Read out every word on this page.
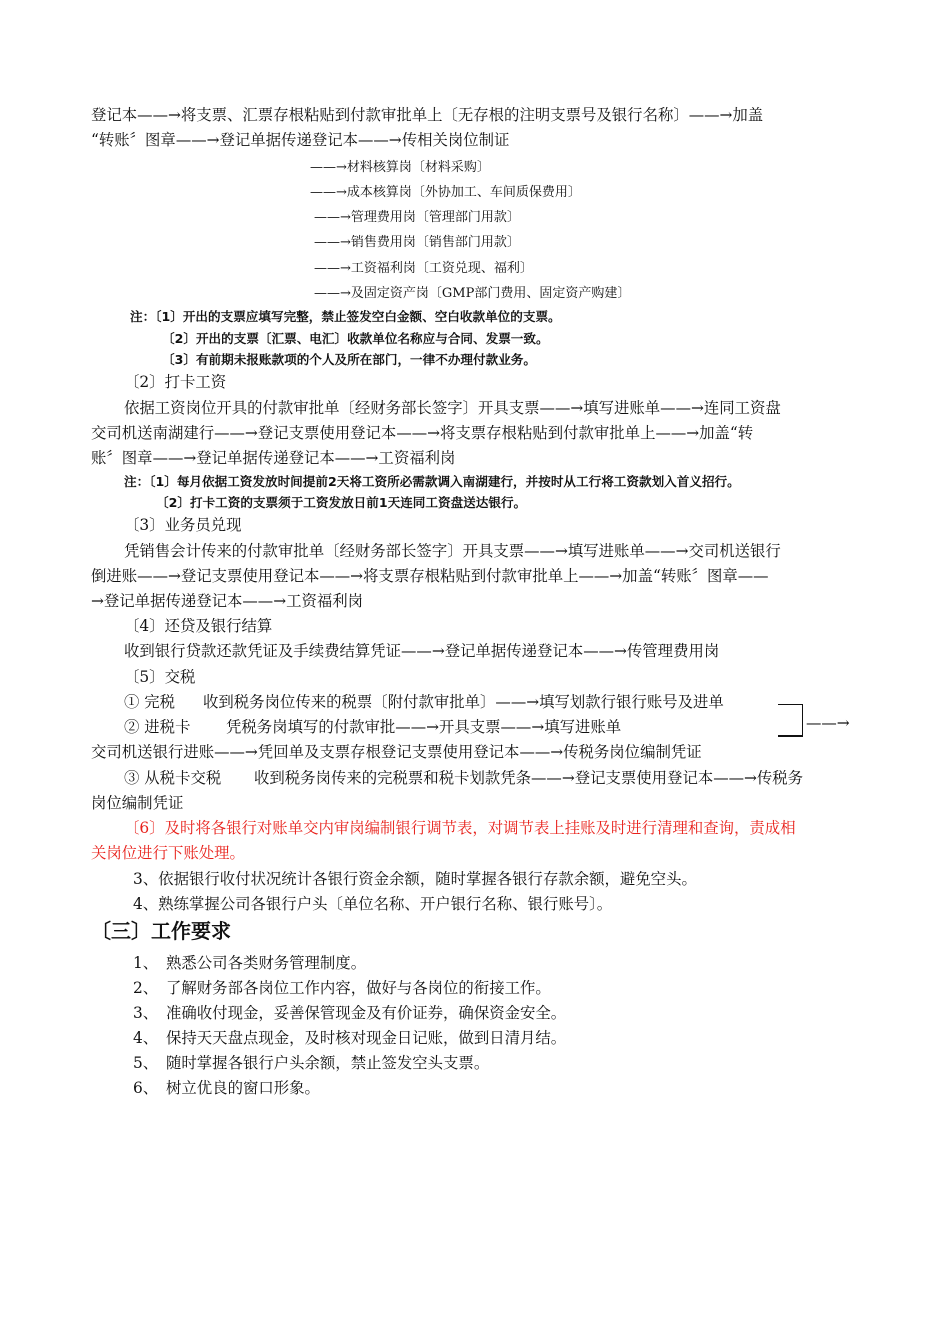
登记本——→将支票、汇票存根粘贴到付款审批单上〔无存根的注明支票号及银行名称〕——→加盖
“转账〞图章——→登记单据传递登记本——→传相关岗位制证
——→材料核算岗〔材料采购〕
——→成本核算岗〔外协加工、车间质保费用〕
——→管理费用岗〔管理部门用款〕
——→销售费用岗〔销售部门用款〕
——→工资福利岗〔工资兑现、福利〕
——→及固定资产岗〔GMP部门费用、固定资产购建〕
注：〔1〕开出的支票应填写完整，禁止签发空白金额、空白收款单位的支票。
〔2〕开出的支票〔汇票、电汇〕收款单位名称应与合同、发票一致。
〔3〕有前期未报账款项的个人及所在部门，一律不办理付款业务。
〔2〕打卡工资
依据工资岗位开具的付款审批单〔经财务部长签字〕开具支票——→填写进账单——→连同工资盘
交司机送南湖建行——→登记支票使用登记本——→将支票存根粘贴到付款审批单上——→加盖“转
账〞图章——→登记单据传递登记本——→工资福利岗
注：〔1〕每月依据工资发放时间提前2天将工资所必需款调入南湖建行，并按时从工行将工资款划入首义招行。
〔2〕打卡工资的支票须于工资发放日前1天连同工资盘送达银行。
〔3〕业务员兑现
凭销售会计传来的付款审批单〔经财务部长签字〕开具支票——→填写进账单——→交司机送银行
倒进账——→登记支票使用登记本——→将支票存根粘贴到付款审批单上——→加盖“转账〞图章——
→登记单据传递登记本——→工资福利岗
〔4〕还贷及银行结算
收到银行贷款还款凭证及手续费结算凭证——→登记单据传递登记本——→传管理费用岗
〔5〕交税
① 完税 收到税务岗位传来的税票〔附付款审批单〕——→填写划款行银行账号及进单
② 进税卡 凭税务岗填写的付款审批——→开具支票——→填写进账单	——→
交司机送银行进账——→凭回单及支票存根登记支票使用登记本——→传税务岗位编制凭证
③ 从税卡交税 收到税务岗传来的完税票和税卡划款凭条——→登记支票使用登记本——→传税务
岗位编制凭证
〔6〕及时将各银行对账单交内审岗编制银行调节表，对调节表上挂账及时进行清理和查询，责成相
关岗位进行下账处理。
3、依据银行收付状况统计各银行资金余额，随时掌握各银行存款余额，避免空头。
4、熟练掌握公司各银行户头〔单位名称、开户银行名称、银行账号〕。
〔三〕工作要求
1、 熟悉公司各类财务管理制度。
2、 了解财务部各岗位工作内容，做好与各岗位的衔接工作。
3、 准确收付现金，妥善保管现金及有价证券，确保资金安全。
4、 保持天天盘点现金，及时核对现金日记账，做到日清月结。
5、 随时掌握各银行户头余额，禁止签发空头支票。
6、 树立优良的窗口形象。
